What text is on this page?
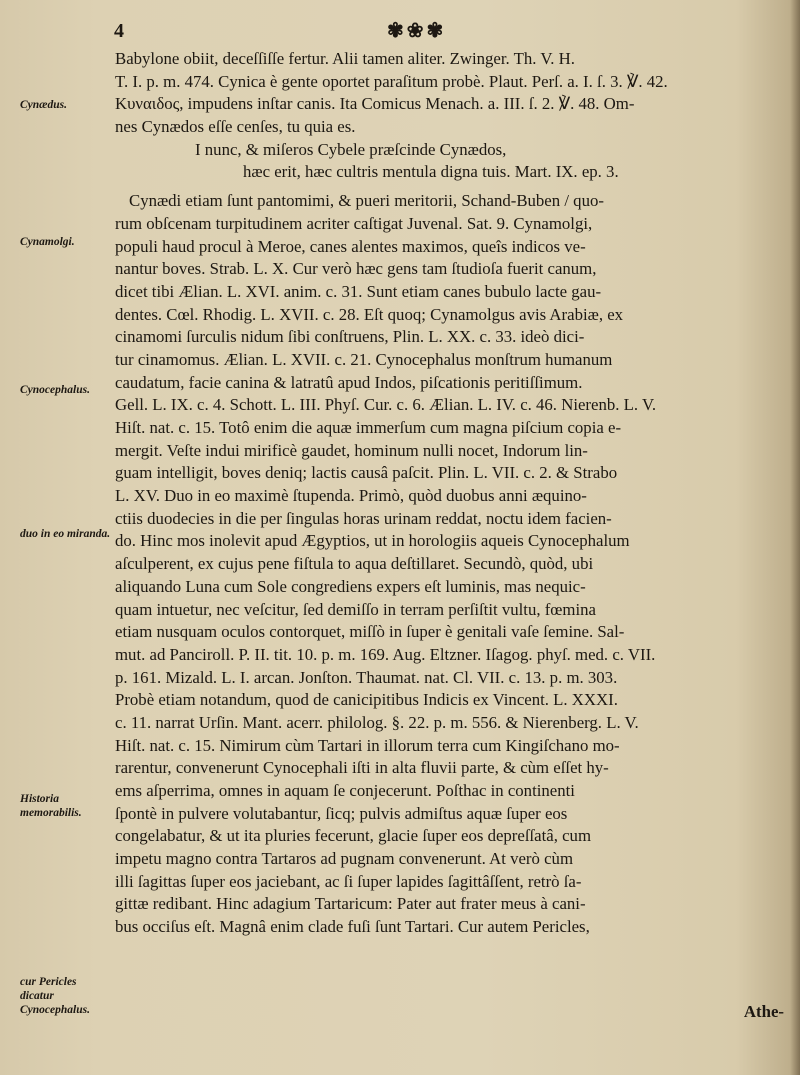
4	✾❀✾
Cynædus.
Cynamolgi.
Cynocephalus.
duo in eo miranda.
Historia memorabilis.
cur Pericles dicatur Cynocephalus.
Babylone obiit, deceſſiſſe fertur. Alii tamen aliter. Zwinger. Th. V. H.
T. I. p. m. 474. Cynica è gente oportet paraſitum probè. Plaut. Perſ. a. I. ſ. 3. ℣. 42.
Κυναιδος, impudens inſtar canis. Ita Comicus Menach. a. III. ſ. 2. ℣. 48. Om-
nes Cynædos eſſe cenſes, tu quia es.
I nunc, & miſeros Cybele præſcinde Cynædos,
hæc erit, hæc cultris mentula digna tuis. Mart. IX. ep. 3.
Cynædi etiam ſunt pantomimi, & pueri meritorii, Schand-Buben / quo-
rum obſcenam turpitudinem acriter caſtigat Juvenal. Sat. 9. Cynamolgi,
populi haud procul à Meroe, canes alentes maximos, queîs indicos ve-
nantur boves. Strab. L. X. Cur verò hæc gens tam ſtudioſa fuerit canum,
dicet tibi Ælian. L. XVI. anim. c. 31. Sunt etiam canes bubulo lacte gau-
dentes. Cœl. Rhodig. L. XVII. c. 28. Eſt quoq; Cynamolgus avis Arabiæ, ex
cinamomi ſurculis nidum ſibi conſtruens, Plin. L. XX. c. 33. ideò dici-
tur cinamomus. Ælian. L. XVII. c. 21. Cynocephalus monſtrum humanum
caudatum, facie canina & latratû apud Indos, piſcationis peritiſſimum.
Gell. L. IX. c. 4. Schott. L. III. Phyſ. Cur. c. 6. Ælian. L. IV. c. 46. Nierenb. L. V.
Hiſt. nat. c. 15. Totô enim die aquæ immerſum cum magna piſcium copia e-
mergit. Veſte indui mirificè gaudet, hominum nulli nocet, Indorum lin-
guam intelligit, boves deniq; lactis causâ paſcit. Plin. L. VII. c. 2. & Strabo
L. XV. Duo in eo maximè ſtupenda. Primò, quòd duobus anni æquino-
ctiis duodecies in die per ſingulas horas urinam reddat, noctu idem facien-
do. Hinc mos inolevit apud Ægyptios, ut in horologiis aqueis Cynocephalum
aſculperent, ex cujus pene fiſtula to aqua deſtillaret. Secundò, quòd, ubi
aliquando Luna cum Sole congrediens expers eſt luminis, mas nequic-
quam intuetur, nec veſcitur, ſed demiſſo in terram perſiſtit vultu, fœmina
etiam nusquam oculos contorquet, miſſò in ſuper è genitali vaſe ſemine. Sal-
mut. ad Panciroll. P. II. tit. 10. p. m. 169. Aug. Eltzner. Iſagog. phyſ. med. c. VII.
p. 161. Mizald. L. I. arcan. Jonſton. Thaumat. nat. Cl. VII. c. 13. p. m. 303.
Probè etiam notandum, quod de canicipitibus Indicis ex Vincent. L. XXXI.
c. 11. narrat Urſin. Mant. acerr. philolog. §. 22. p. m. 556. & Nierenberg. L. V.
Hiſt. nat. c. 15. Nimirum cùm Tartari in illorum terra cum Kingiſchano mo-
rarentur, convenerunt Cynocephali iſti in alta fluvii parte, & cùm eſſet hy-
ems aſperrima, omnes in aquam ſe conjecerunt. Poſthac in continenti
ſpontè in pulvere volutabantur, ſicq; pulvis admiſtus aquæ ſuper eos
congelabatur, & ut ita pluries fecerunt, glacie ſuper eos depreſſatâ, cum
impetu magno contra Tartaros ad pugnam convenerunt. At verò cùm
illi ſagittas ſuper eos jaciebant, ac ſi ſuper lapides ſagittâſſent, retrò ſa-
gittæ redibant. Hinc adagium Tartaricum: Pater aut frater meus à cani-
bus occiſus eſt. Magnâ enim clade fuſi ſunt Tartari. Cur autem Pericles,
Athe-
